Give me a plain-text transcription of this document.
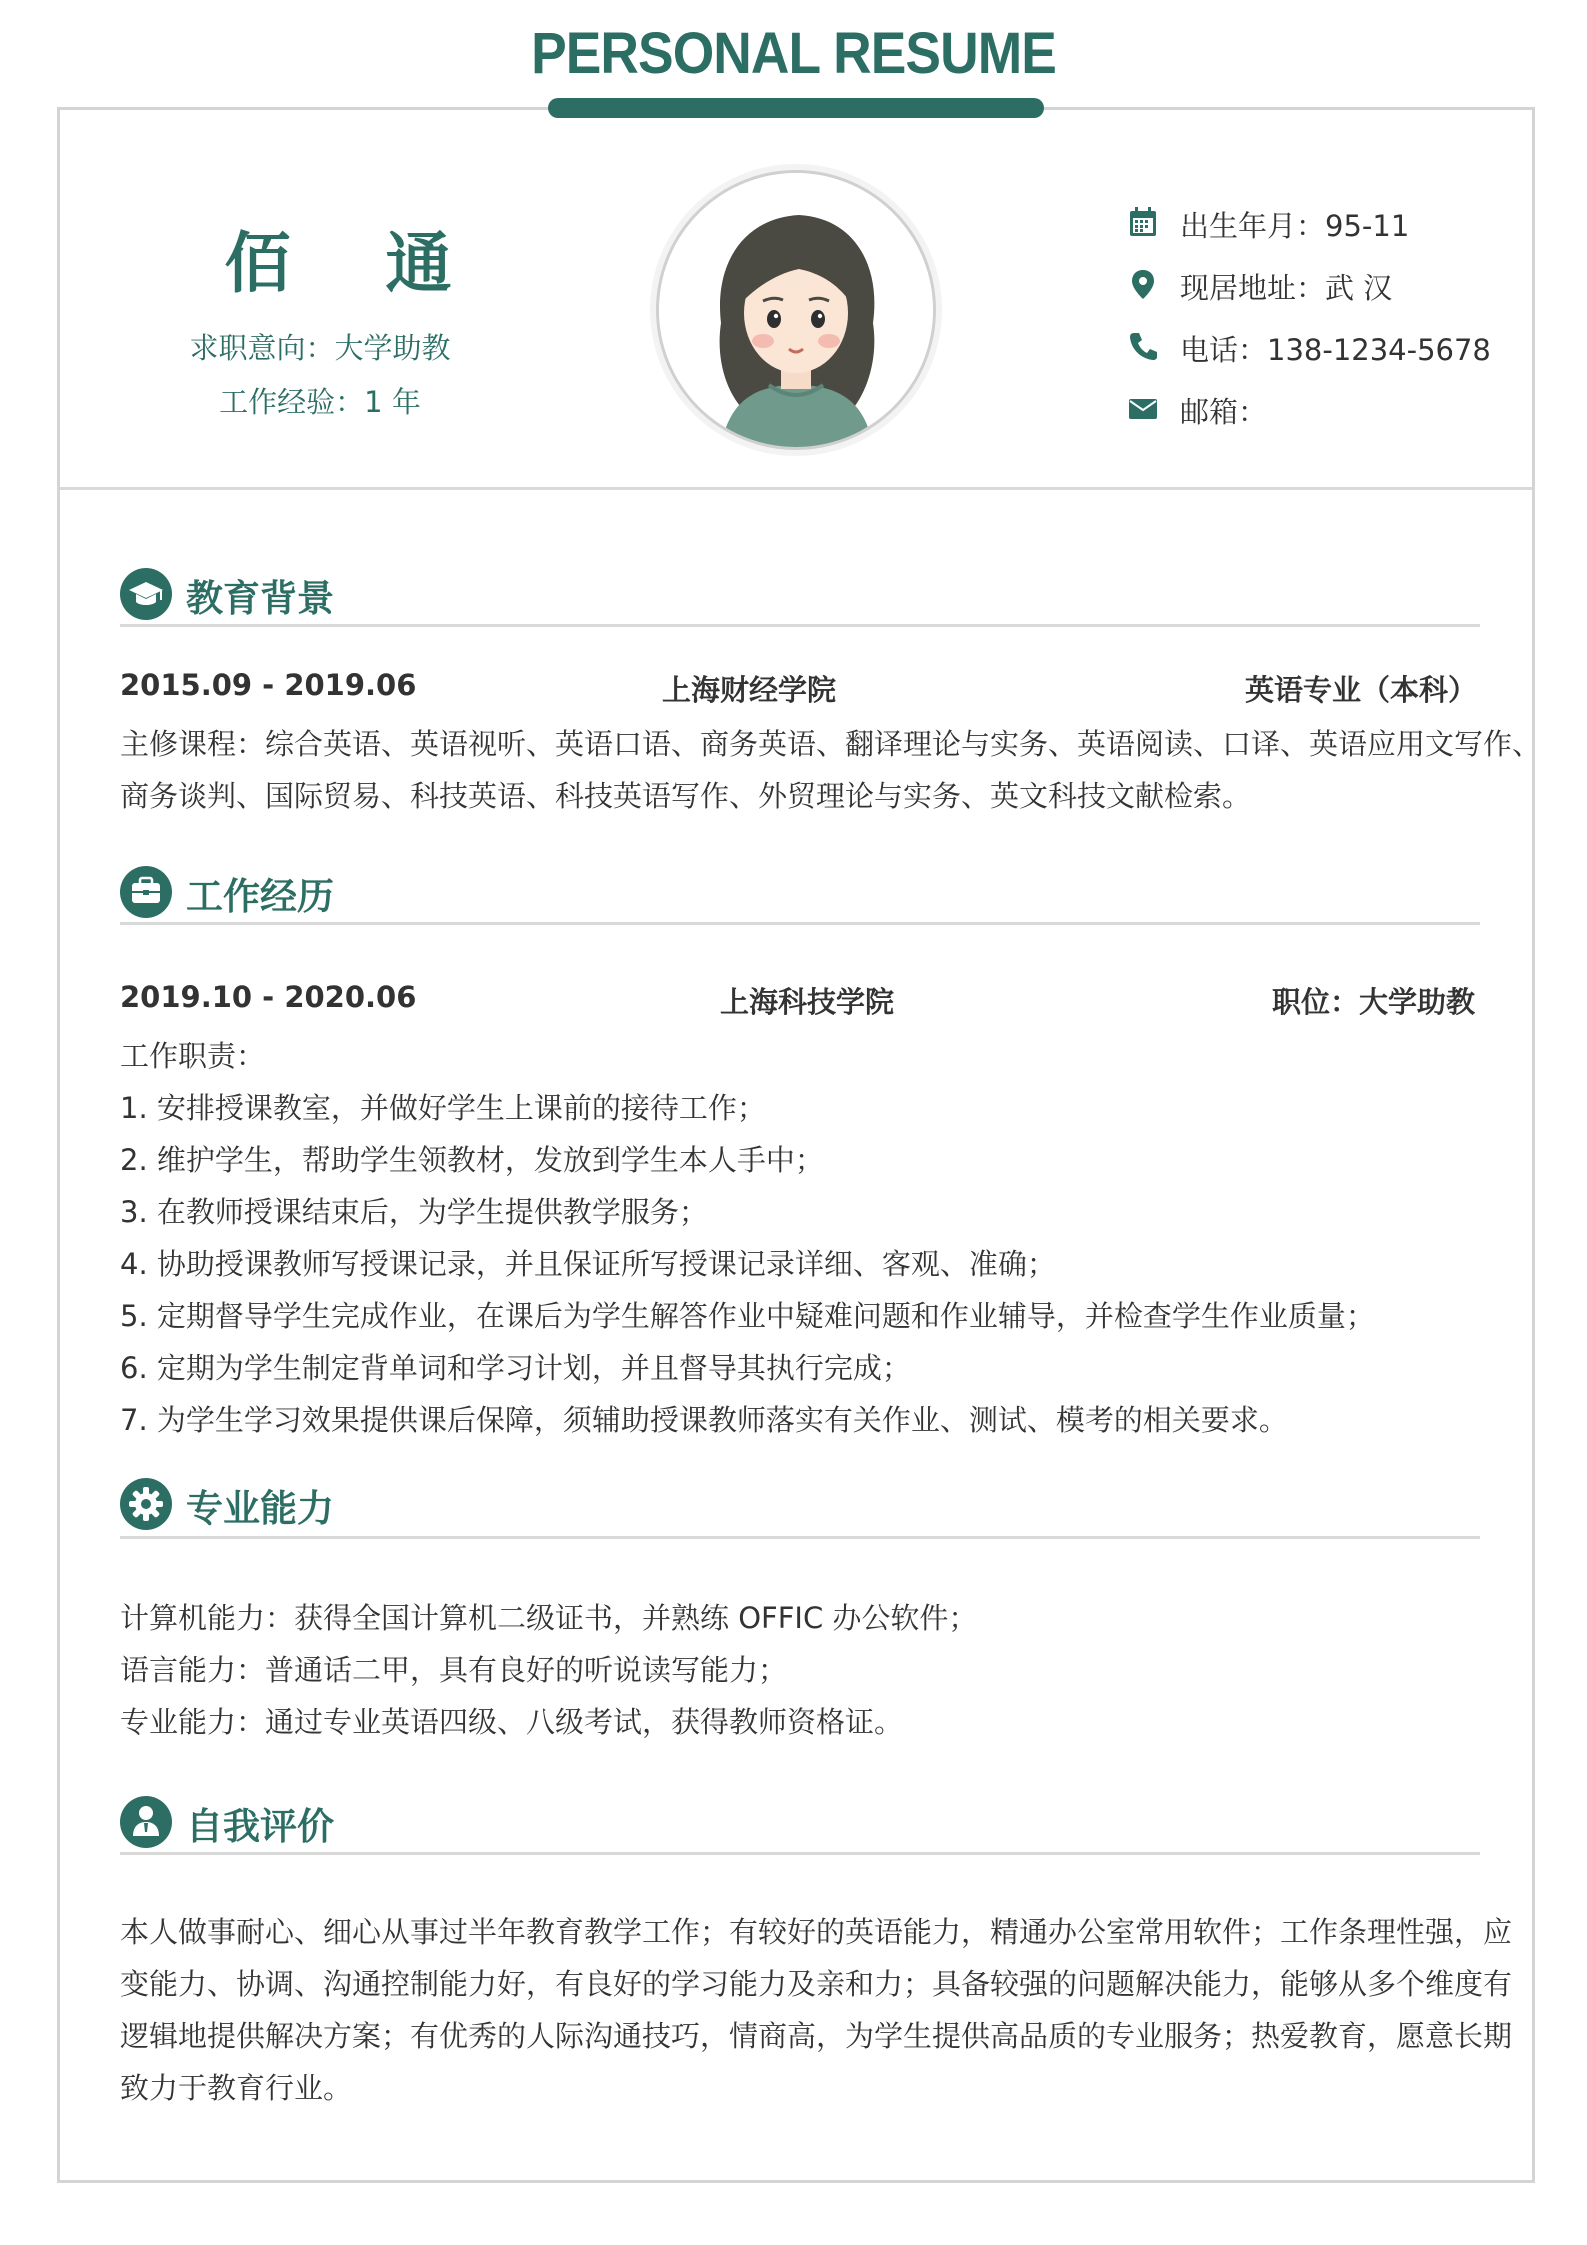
PERSONAL RESUME
佰 通
求职意向：大学助教
工作经验：1 年
出生年月：95-11
现居地址：武 汉
电话：138-1234-5678
邮箱：
教育背景
2015.09 - 2019.06	上海财经学院	英语专业（本科）
主修课程：综合英语、英语视听、英语口语、商务英语、翻译理论与实务、英语阅读、口译、英语应用文写作、
商务谈判、国际贸易、科技英语、科技英语写作、外贸理论与实务、英文科技文献检索。
工作经历
2019.10 - 2020.06	上海科技学院	职位：大学助教
工作职责：
1. 安排授课教室，并做好学生上课前的接待工作；
2. 维护学生，帮助学生领教材，发放到学生本人手中；
3. 在教师授课结束后，为学生提供教学服务；
4. 协助授课教师写授课记录，并且保证所写授课记录详细、客观、准确；
5. 定期督导学生完成作业，在课后为学生解答作业中疑难问题和作业辅导，并检查学生作业质量；
6. 定期为学生制定背单词和学习计划，并且督导其执行完成；
7. 为学生学习效果提供课后保障，须辅助授课教师落实有关作业、测试、模考的相关要求。
专业能力
计算机能力：获得全国计算机二级证书，并熟练 OFFIC 办公软件；
语言能力：普通话二甲，具有良好的听说读写能力；
专业能力：通过专业英语四级、八级考试，获得教师资格证。
自我评价
本人做事耐心、细心从事过半年教育教学工作；有较好的英语能力，精通办公室常用软件；工作条理性强，应
变能力、协调、沟通控制能力好，有良好的学习能力及亲和力；具备较强的问题解决能力，能够从多个维度有
逻辑地提供解决方案；有优秀的人际沟通技巧，情商高，为学生提供高品质的专业服务；热爱教育，愿意长期
致力于教育行业。
